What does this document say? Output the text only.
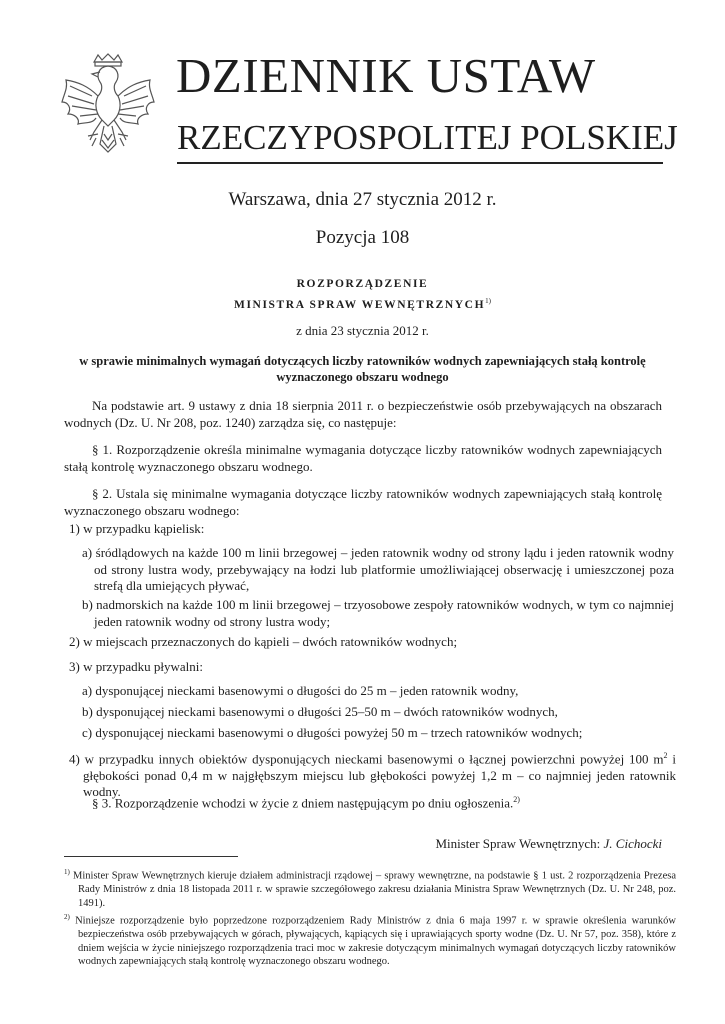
DZIENNIK USTAW
RZECZYPOSPOLITEJ POLSKIEJ
Warszawa, dnia 27 stycznia 2012 r.
Pozycja 108
ROZPORZĄDZENIE
MINISTRA SPRAW WEWNĘTRZNYCH$^{1)}$
z dnia 23 stycznia 2012 r.
w sprawie minimalnych wymagań dotyczących liczby ratowników wodnych zapewniających stałą kontrolę wyznaczonego obszaru wodnego

Na podstawie art. 9 ustawy z dnia 18 sierpnia 2011 r. o bezpieczeństwie osób przebywających na obszarach wodnych (Dz. U. Nr 208, poz. 1240) zarządza się, co następuje:

§ 1. Rozporządzenie określa minimalne wymagania dotyczące liczby ratowników wodnych zapewniających stałą kontrolę wyznaczonego obszaru wodnego.

§ 2. Ustala się minimalne wymagania dotyczące liczby ratowników wodnych zapewniających stałą kontrolę wyznaczonego obszaru wodnego:

1) w przypadku kąpielisk:

a) śródlądowych na każde 100 m linii brzegowej – jeden ratownik wodny od strony lądu i jeden ratownik wodny od strony lustra wody, przebywający na łodzi lub platformie umożliwiającej obserwację i umieszczonej poza strefą dla umiejących pływać,

b) nadmorskich na każde 100 m linii brzegowej – trzyosobowe zespoły ratowników wodnych, w tym co najmniej jeden ratownik wodny od strony lustra wody;

2) w miejscach przeznaczonych do kąpieli – dwóch ratowników wodnych;

3) w przypadku pływalni:

a) dysponującej nieckami basenowymi o długości do 25 m – jeden ratownik wodny,

b) dysponującej nieckami basenowymi o długości 25–50 m – dwóch ratowników wodnych,

c) dysponującej nieckami basenowymi o długości powyżej 50 m – trzech ratowników wodnych;

4) w przypadku innych obiektów dysponujących nieckami basenowymi o łącznej powierzchni powyżej 100 $m^2$ i głębokości ponad 0,4 m w najgłębszym miejscu lub głębokości powyżej 1,2 m – co najmniej jeden ratownik wodny.

§ 3. Rozporządzenie wchodzi w życie z dniem następującym po dniu ogłoszenia.$^{2)}$

Minister Spraw Wewnętrznych: J. Cichocki

$^{1)}$ Minister Spraw Wewnętrznych kieruje działem administracji rządowej – sprawy wewnętrzne, na podstawie § 1 ust. 2 rozporządzenia Prezesa Rady Ministrów z dnia 18 listopada 2011 r. w sprawie szczegółowego zakresu działania Ministra Spraw Wewnętrznych (Dz. U. Nr 248, poz. 1491).

$^{2)}$ Niniejsze rozporządzenie było poprzedzone rozporządzeniem Rady Ministrów z dnia 6 maja 1997 r. w sprawie określenia warunków bezpieczeństwa osób przebywających w górach, pływających, kąpiących się i uprawiających sporty wodne (Dz. U. Nr 57, poz. 358), które z dniem wejścia w życie niniejszego rozporządzenia traci moc w zakresie dotyczącym minimalnych wymagań dotyczących liczby ratowników wodnych zapewniających stałą kontrolę wyznaczonego obszaru wodnego.
